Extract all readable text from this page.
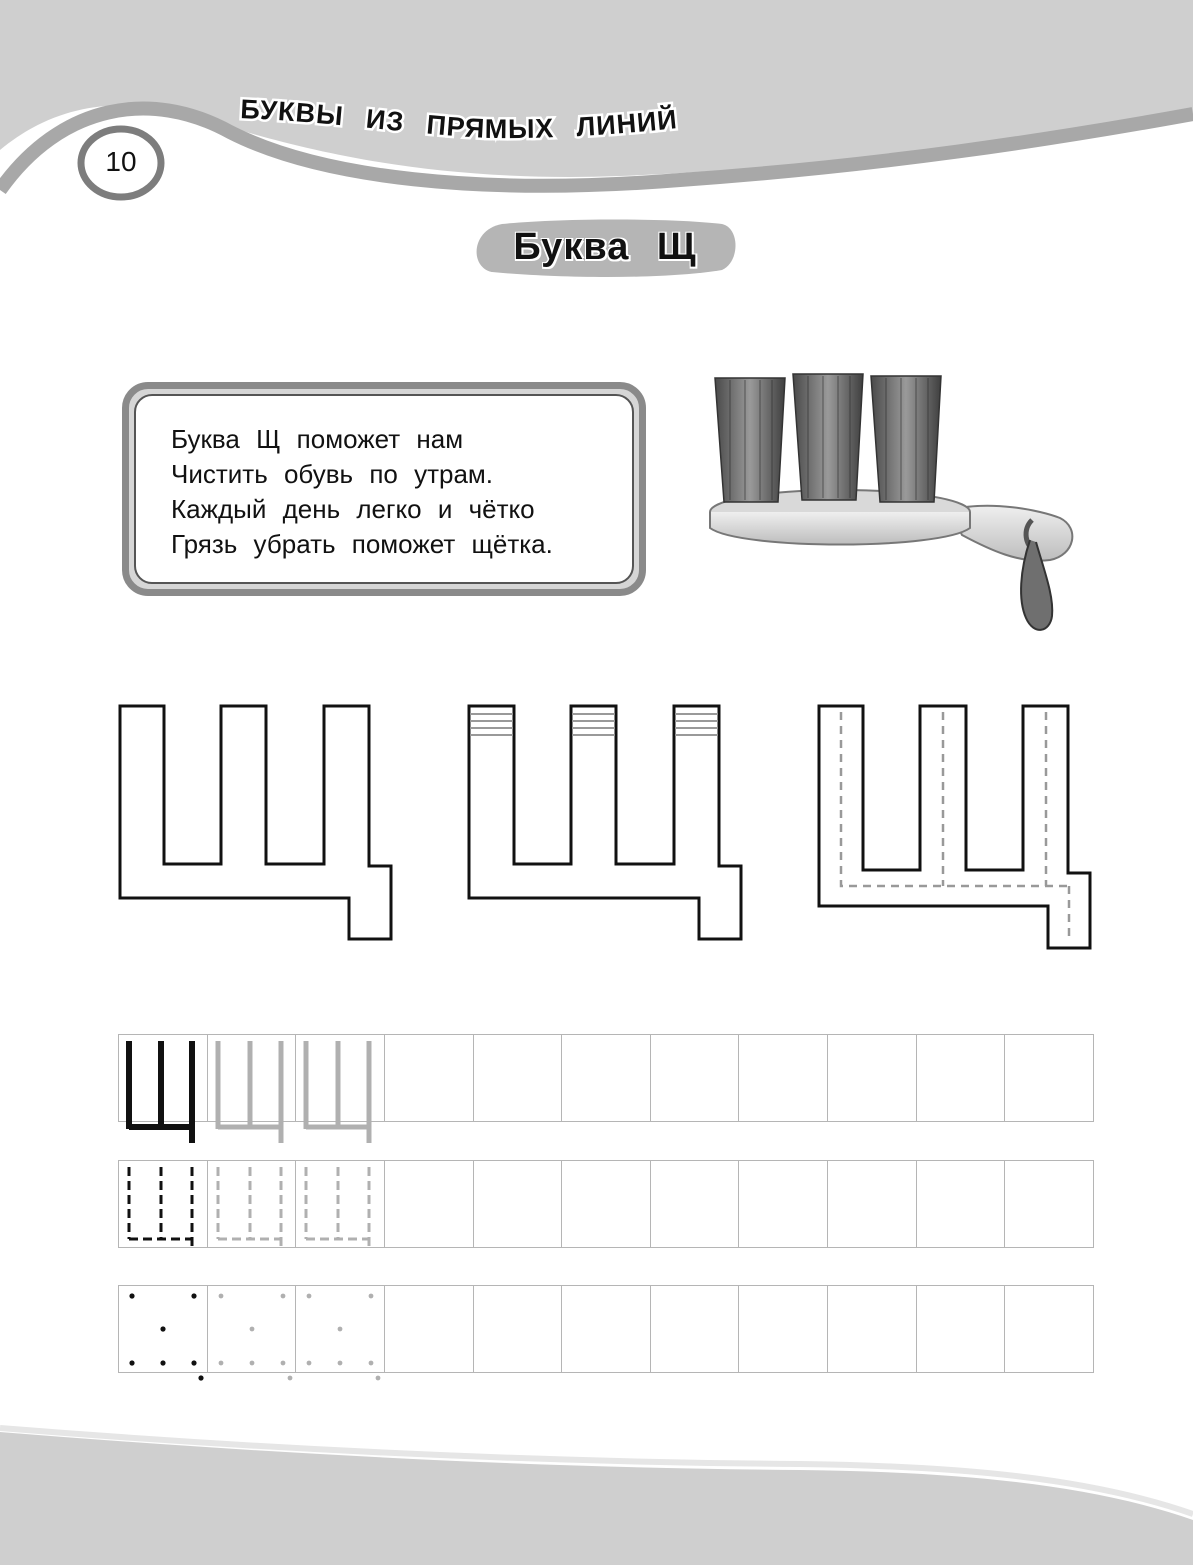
БУКВЫ ИЗ ПРЯМЫХ ЛИНИЙ
10
Буква Щ
Буква Щ поможет нам
Чистить обувь по утрам.
Каждый день легко и чётко
Грязь убрать поможет щётка.
